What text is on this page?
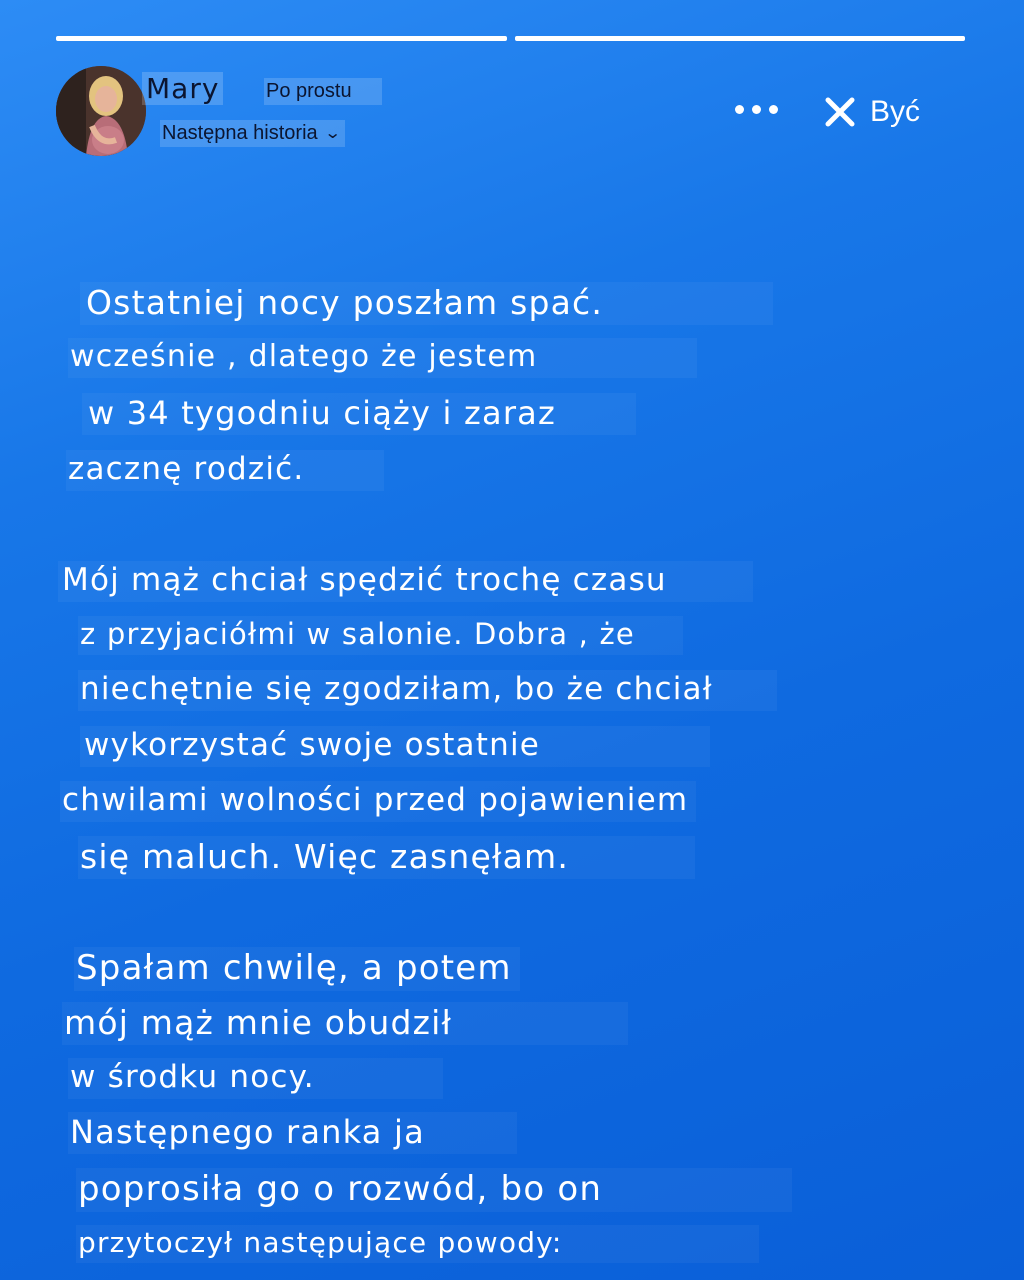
Mary Po prostu
Następna historia ⌄
Być
Ostatniej nocy poszłam spać.
wcześnie , dlatego że jestem
w 34 tygodniu ciąży i zaraz
zacznę rodzić.
Mój mąż chciał spędzić trochę czasu
z przyjaciółmi w salonie. Dobra , że
niechętnie się zgodziłam, bo że chciał
wykorzystać swoje ostatnie
chwilami wolności przed pojawieniem
się maluch. Więc zasnęłam.
Spałam chwilę, a potem
mój mąż mnie obudził
w środku nocy.
Następnego ranka ja
poprosiła go o rozwód, bo on
przytoczył następujące powody:
